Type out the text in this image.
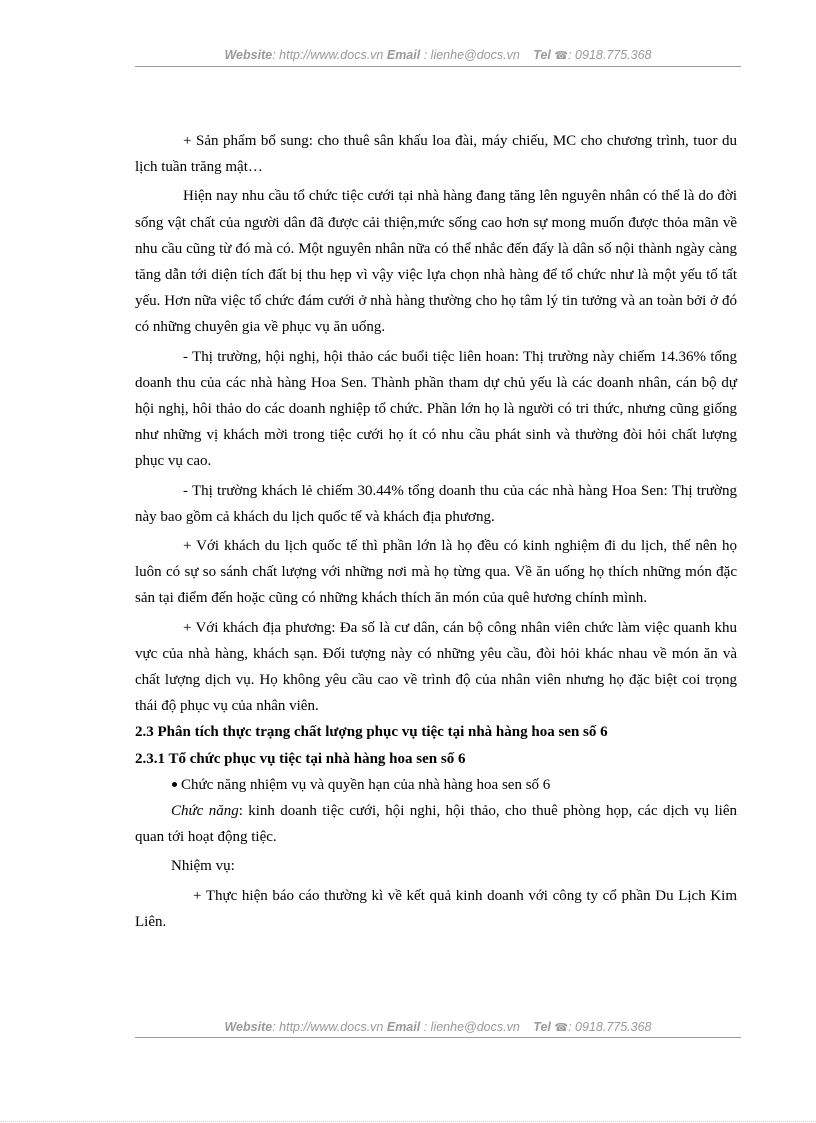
Website: http://www.docs.vn Email : lienhe@docs.vn Tel ☎: 0918.775.368

+ Sản phẩm bổ sung: cho thuê sân khấu loa đài, máy chiếu, MC cho chương trình, tuor du lịch tuần trăng mật…

Hiện nay nhu cầu tổ chức tiệc cưới tại nhà hàng đang tăng lên nguyên nhân có thể là do đời sống vật chất của người dân đã được cải thiện,mức sống cao hơn sự mong muốn được thỏa mãn về nhu cầu cũng từ đó mà có. Một nguyên nhân nữa có thể nhắc đến đấy là dân số nội thành ngày càng tăng dẫn tới diện tích đất bị thu hẹp vì vậy việc lựa chọn nhà hàng để tổ chức như là một yếu tố tất yếu. Hơn nữa việc tổ chức đám cưới ở nhà hàng thường cho họ tâm lý tin tưởng và an toàn bởi ở đó có những chuyên gia về phục vụ ăn uống.

- Thị trường, hội nghị, hội thảo các buổi tiệc liên hoan: Thị trường này chiếm 14.36% tổng doanh thu của các nhà hàng Hoa Sen. Thành phần tham dự chủ yếu là các doanh nhân, cán bộ dự hội nghị, hôi thảo do các doanh nghiệp tổ chức. Phần lớn họ là người có tri thức, nhưng cũng giống như những vị khách mời trong tiệc cưới họ ít có nhu cầu phát sinh và thường đòi hỏi chất lượng phục vụ cao.

- Thị trường khách lẻ chiếm 30.44% tổng doanh thu của các nhà hàng Hoa Sen: Thị trường này bao gồm cả khách du lịch quốc tế và khách địa phương.

+ Với khách du lịch quốc tế thì phần lớn là họ đều có kinh nghiệm đi du lịch, thế nên họ luôn có sự so sánh chất lượng với những nơi mà họ từng qua. Về ăn uống họ thích những món đặc sản tại điểm đến hoặc cũng có những khách thích ăn món của quê hương chính mình.

+ Với khách địa phương: Đa số là cư dân, cán bộ công nhân viên chức làm việc quanh khu vực của nhà hàng, khách sạn. Đối tượng này có những yêu cầu, đòi hỏi khác nhau về món ăn và chất lượng dịch vụ. Họ không yêu cầu cao về trình độ của nhân viên nhưng họ đặc biệt coi trọng thái độ phục vụ của nhân viên.

2.3 Phân tích thực trạng chất lượng phục vụ tiệc tại nhà hàng hoa sen số 6
2.3.1 Tổ chức phục vụ tiệc tại nhà hàng hoa sen số 6
Chức năng nhiệm vụ và quyền hạn của nhà hàng hoa sen số 6

Chức năng: kinh doanh tiệc cưới, hội nghi, hội thảo, cho thuê phòng họp, các dịch vụ liên quan tới hoạt động tiệc.

Nhiệm vụ:

+ Thực hiện báo cáo thường kì về kết quả kinh doanh với công ty cổ phần Du Lịch Kim Liên.

Website: http://www.docs.vn Email : lienhe@docs.vn Tel ☎: 0918.775.368
